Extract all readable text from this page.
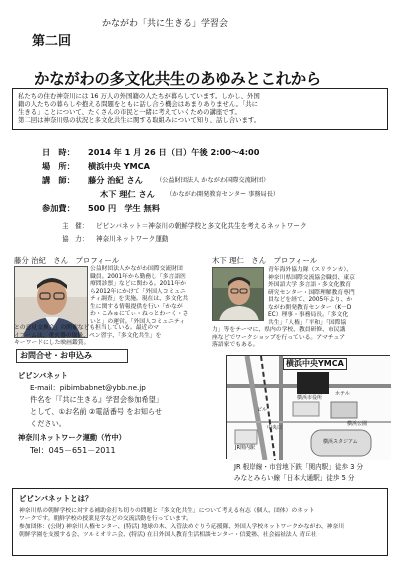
第二回
かながわ「共に生きる」学習会
かながわの多文化共生のあゆみとこれから
私たちの住む神奈川には 16 万人の外国籍の人たちが暮らしています。しかし、外国
籍の人たちの暮らしや抱える問題をともに話し合う機会はあまりありません。「共に
生きる」ことについて、たくさんの市民と一緒に考えていくための講座です。
第二回は神奈川県の状況と多文化共生に関する取組みについて知り、話し合います。
日　時： 2014 年 1 月 26 日（日）午後 2:00〜4:00
場　所： 横浜中央 YMCA
講　師： 藤分 治紀 さん （公益財団法人 かながわ国際交流財団）
木下 理仁 さん （かながわ開発教育センター 事務局長）
参加費： 500 円　学生 無料
主　催： ピビンバネット＝神奈川の朝鮮学校と多文化共生を考えるネットワーク
協　力： 神奈川ネットワーク運動
藤分 治紀　さん　プロフィール
公益財団法人かながわ国際交流財団
職員。2001年から勤務し「多言語医
療問診票」などに関わる。2011年か
ら2012年にかけて「外国人コミュニ
ティ調査」を実施。現在は、多文化共
生に関する情報提供を行い「かなが
わ・こみゅにてぃ・ねっとわーく・さ
いと」の運営。「外国人コミュニティ
との意見交換会」の開催なども担当している。最近のマ
イブームは、重火器の取扱、ペン習字、「多文化共生」を
キーワードにした映画鑑賞。
木下 理仁　さん　プロフィール
青年海外協力隊（スリランカ）、
神奈川県国際交流協会職員、東京
外国語大学 多言語・多文化教育
研究センター・国際理解教育専門
員などを経て、2005年より、か
ながわ開発教育センター（K－D
EC）理事・事務局長。「多文化
共生」「人権」「平和」「国際協
力」等をテーマに、県内の学校、教員研修、市民講
座などでワークショップを行っている。アマチュア
落語家でもある。
お問合せ・お申込み
ピビンバネット
E-mail：pibimbabnet@ybb.ne.jp
件名を「『共に生きる』学習会参加希望」
として、①お名前 ②電話番号 をお知らせ
ください。
神奈川ネットワーク運動（竹中）
Tel：045－651－2011
横浜中央YMCA
ホテル
横浜市役所
JR関内駅
横浜スタジアム
ビル
中央口
横浜公園
JR 根岸線・市営地下鉄「関内駅」徒歩 3 分
みなとみらい線「日本大通駅」徒歩 5 分
ピビンバネットとは？
神奈川県の朝鮮学校に対する補助金打ち切りの問題と「多文化共生」について考える有志（個人、団体）のネット
ワークです。朝鮮学校の授業見学などの交流活動を行っています。
参加団体：(公財) 神奈川人権センター、(特活) 地球の木、入管法めぐりう応援隊、外国人学校ネットワークかながわ、神奈川
朝鮮学園を支援する会、ツルミオリニ会、(特活) 在日外国人教育生活相談センター・信愛塾、社会福祉法人 青丘社
